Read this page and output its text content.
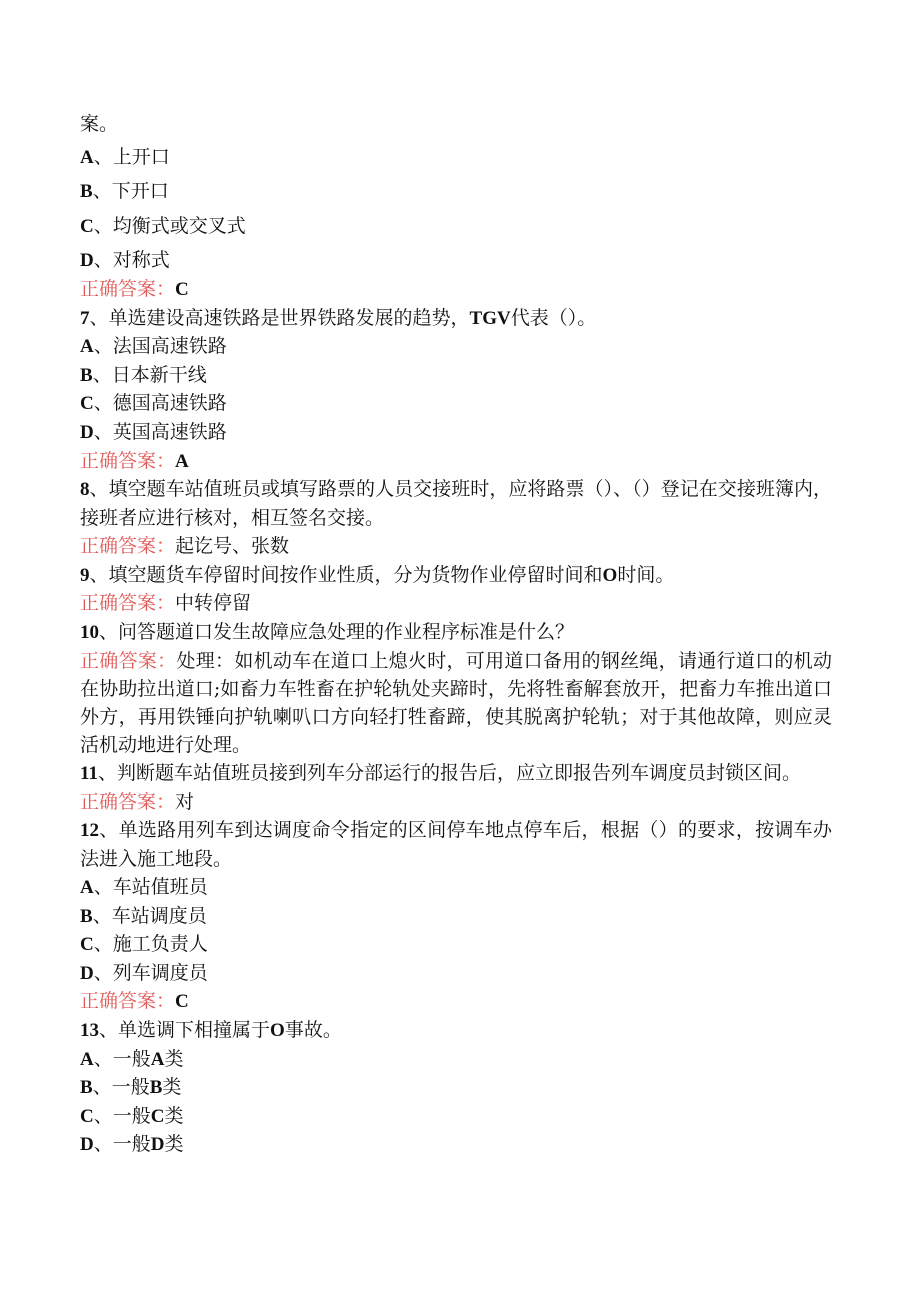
案。
A、上开口
B、下开口
C、均衡式或交叉式
D、对称式
正确答案：C
7、单选建设高速铁路是世界铁路发展的趋势，TGV代表（）。
A、法国高速铁路
B、日本新干线
C、德国高速铁路
D、英国高速铁路
正确答案：A
8、填空题车站值班员或填写路票的人员交接班时，应将路票（）、（）登记在交接班簿内，接班者应进行核对，相互签名交接。
正确答案：起讫号、张数
9、填空题货车停留时间按作业性质，分为货物作业停留时间和O时间。
正确答案：中转停留
10、问答题道口发生故障应急处理的作业程序标准是什么？
正确答案：处理：如机动车在道口上熄火时，可用道口备用的钢丝绳，请通行道口的机动在协助拉出道口;如畜力车牲畜在护轮轨处夹蹄时，先将牲畜解套放开，把畜力车推出道口外方，再用铁锤向护轨喇叭口方向轻打牲畜蹄，使其脱离护轮轨；对于其他故障，则应灵活机动地进行处理。
11、判断题车站值班员接到列车分部运行的报告后，应立即报告列车调度员封锁区间。
正确答案：对
12、单选路用列车到达调度命令指定的区间停车地点停车后，根据（）的要求，按调车办法进入施工地段。
A、车站值班员
B、车站调度员
C、施工负责人
D、列车调度员
正确答案：C
13、单选调下相撞属于O事故。
A、一般A类
B、一般B类
C、一般C类
D、一般D类
